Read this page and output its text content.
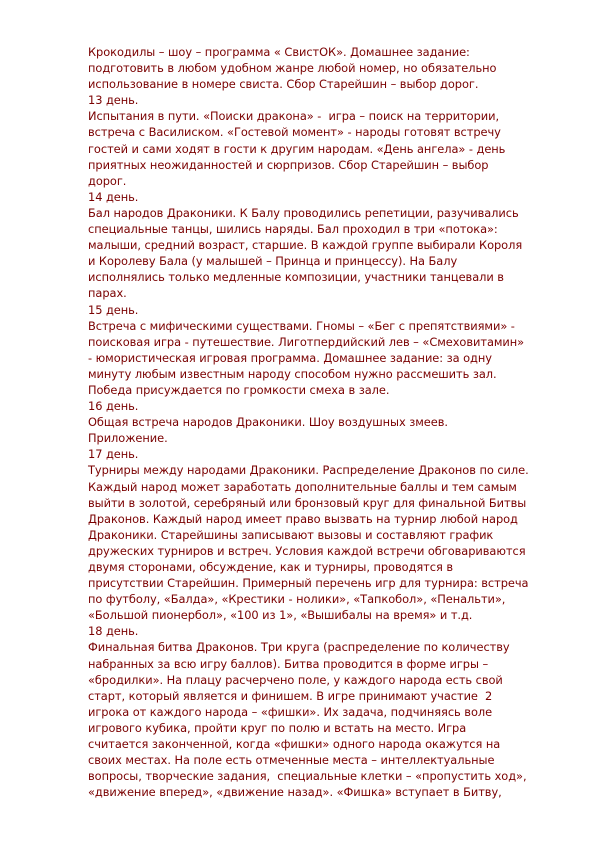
Крокодилы – шоу – программа « СвистОК». Домашнее задание:
подготовить в любом удобном жанре любой номер, но обязательно
использование в номере свиста. Сбор Старейшин – выбор дорог.
13 день.
Испытания в пути. «Поиски дракона» -  игра – поиск на территории,
встреча с Василиском. «Гостевой момент» - народы готовят встречу
гостей и сами ходят в гости к другим народам. «День ангела» - день
приятных неожиданностей и сюрпризов. Сбор Старейшин – выбор
дорог.
14 день.
Бал народов Драконики. К Балу проводились репетиции, разучивались
специальные танцы, шились наряды. Бал проходил в три «потока»:
малыши, средний возраст, старшие. В каждой группе выбирали Короля
и Королеву Бала (у малышей – Принца и принцессу). На Балу
исполнялись только медленные композиции, участники танцевали в
парах.
15 день.
Встреча с мифическими существами. Гномы – «Бег с препятствиями» -
поисковая игра - путешествие. Лиготпердийский лев – «Смеховитамин»
- юмористическая игровая программа. Домашнее задание: за одну
минуту любым известным народу способом нужно рассмешить зал.
Победа присуждается по громкости смеха в зале.
16 день.
Общая встреча народов Драконики. Шоу воздушных змеев.
Приложение.
17 день.
Турниры между народами Драконики. Распределение Драконов по силе.
Каждый народ может заработать дополнительные баллы и тем самым
выйти в золотой, серебряный или бронзовый круг для финальной Битвы
Драконов. Каждый народ имеет право вызвать на турнир любой народ
Драконики. Старейшины записывают вызовы и составляют график
дружеских турниров и встреч. Условия каждой встречи обговариваются
двумя сторонами, обсуждение, как и турниры, проводятся в
присутствии Старейшин. Примерный перечень игр для турнира: встреча
по футболу, «Балда», «Крестики - нолики», «Тапкобол», «Пенальти»,
«Большой пионербол», «100 из 1», «Вышибалы на время» и т.д.
18 день.
Финальная битва Драконов. Три круга (распределение по количеству
набранных за всю игру баллов). Битва проводится в форме игры –
«бродилки». На плацу расчерчено поле, у каждого народа есть свой
старт, который является и финишем. В игре принимают участие  2
игрока от каждого народа – «фишки». Их задача, подчиняясь воле
игрового кубика, пройти круг по полю и встать на место. Игра
считается законченной, когда «фишки» одного народа окажутся на
своих местах. На поле есть отмеченные места – интеллектуальные
вопросы, творческие задания,  специальные клетки – «пропустить ход»,
«движение вперед», «движение назад». «Фишка» вступает в Битву,
